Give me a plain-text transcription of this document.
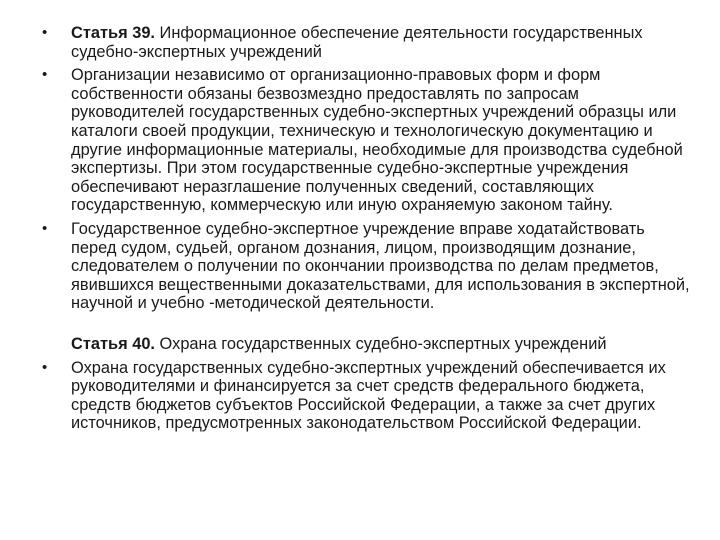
• Статья 39. Информационное обеспечение деятельности государственных судебно-экспертных учреждений

• Организации независимо от организационно-правовых форм и форм собственности обязаны безвозмездно предоставлять по запросам руководителей государственных судебно-экспертных учреждений образцы или каталоги своей продукции, техническую и технологическую документацию и другие информационные материалы, необходимые для производства судебной экспертизы. При этом государственные судебно-экспертные учреждения обеспечивают неразглашение полученных сведений, составляющих государственную, коммерческую или иную охраняемую законом тайну.

• Государственное судебно-экспертное учреждение вправе ходатайствовать перед судом, судьей, органом дознания, лицом, производящим дознание, следователем о получении по окончании производства по делам предметов, явившихся вещественными доказательствами, для использования в экспертной, научной и учебно -методической деятельности.

Статья 40. Охрана государственных судебно-экспертных учреждений

• Охрана государственных судебно-экспертных учреждений обеспечивается их руководителями и финансируется за счет средств федерального бюджета, средств бюджетов субъектов Российской Федерации, а также за счет других источников, предусмотренных законодательством Российской Федерации.
